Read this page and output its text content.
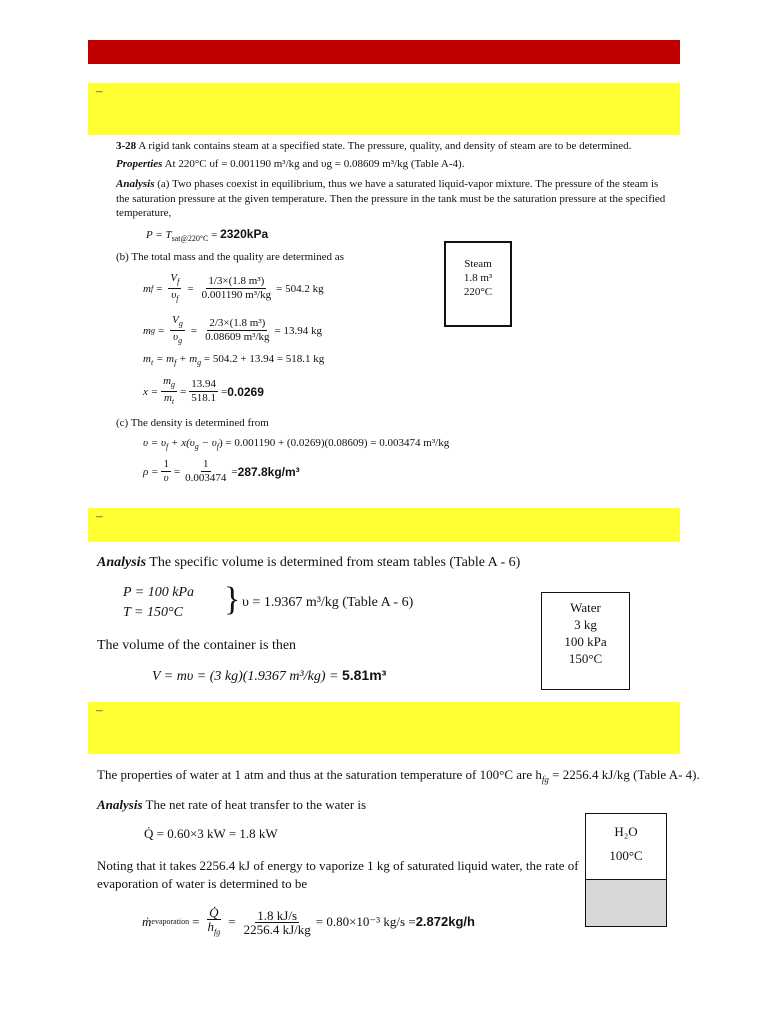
–
3-28 A rigid tank contains steam at a specified state. The pressure, quality, and density of steam are to be determined.
Properties At 220°C υf = 0.001190 m³/kg and υg = 0.08609 m³/kg (Table A-4).
Analysis (a) Two phases coexist in equilibrium, thus we have a saturated liquid-vapor mixture. The pressure of the steam is
the saturation pressure at the given temperature. Then the pressure in the tank must be the saturation pressure at the specified
temperature,
$P = T_{sat@220^\circ C} = 2320kPa$
(b) The total mass and the quality are determined as
m $f = \frac{V_f}{\upsilon_f} = \frac{\text{1/3×(1.8 m³)}}{\text{0.001190 m³/kg}} = 504.2$ kg
m $g = \frac{V_g}{\upsilon_g} = \frac{\text{2/3×(1.8 m³)}}{\text{0.08609 m³/kg}} = 13.94$ kg
$m_t = m_f + m_g = 504.2 + 13.94 = 518.1$ kg
$x = \frac{m_g}{m_t} = \frac{13.94}{518.1} = 0.0269$
(c) The density is determined from
$\upsilon = \upsilon_f + x(\upsilon_g - \upsilon_f) = 0.001190 + (0.0269)(0.08609) = 0.003474$ m³/kg
$\rho = \frac{1}{\upsilon} = \frac{1}{0.003474} = 287.8kg/m^3$
Steam
1.8 m³
220°C
–
Analysis The specific volume is determined from steam tables (Table A - 6)
P = 100 kPa
T = 150°C } υ = 1.9367 m³/kg (Table A - 6)
The volume of the container is then
V = mυ = (3 kg)(1.9367 m³/kg) = 5.81m³
Water
3 kg
100 kPa
150°C
–
The properties of water at 1 atm and thus at the saturation temperature of 100°C are $h_{fg} = 2256.4$ kJ/kg (Table A- 4).
Analysis The net rate of heat transfer to the water is
Q̇ = 0.60×3 kW = 1.8 kW
Noting that it takes 2256.4 kJ of energy to vaporize 1 kg of saturated liquid water, the rate of
evaporation of water is determined to be
ṁ evaporation = $\frac{Q̇}{h_{fg}} = \frac{1.8 kJ/s}{2256.4 kJ/kg} = 0.80\times 10^{-3}$ kg/s = 2.872kg/h
H₂O
100°C
